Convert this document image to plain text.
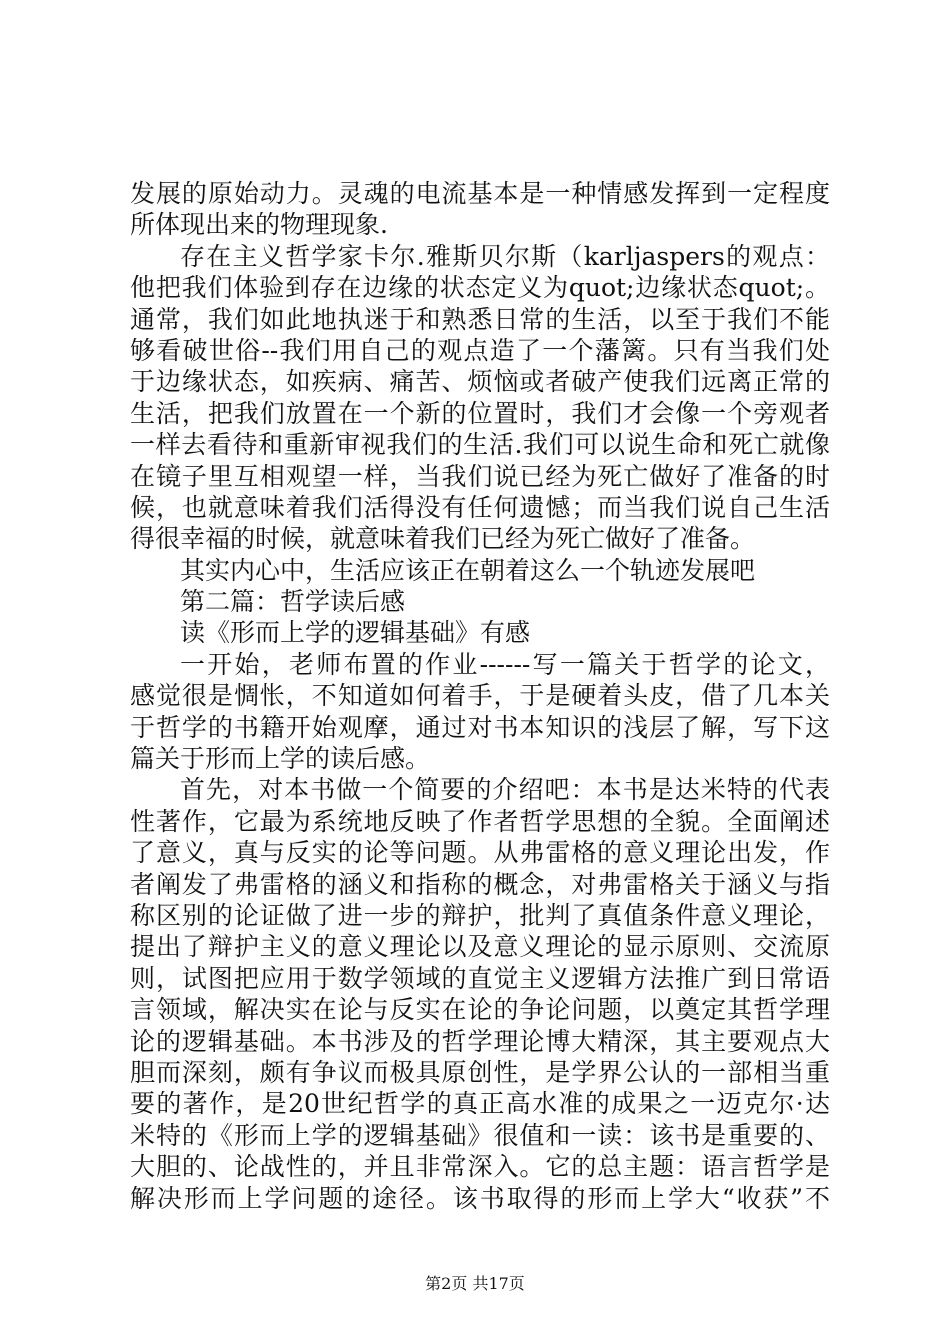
发展的原始动力。灵魂的电流基本是一种情感发挥到一定程度
所体现出来的物理现象.
存在主义哲学家卡尔.雅斯贝尔斯（karljaspers的观点：
他把我们体验到存在边缘的状态定义为quot;边缘状态quot;。
通常，我们如此地执迷于和熟悉日常的生活，以至于我们不能
够看破世俗--我们用自己的观点造了一个藩篱。只有当我们处
于边缘状态，如疾病、痛苦、烦恼或者破产使我们远离正常的
生活，把我们放置在一个新的位置时，我们才会像一个旁观者
一样去看待和重新审视我们的生活.我们可以说生命和死亡就像
在镜子里互相观望一样，当我们说已经为死亡做好了准备的时
候，也就意味着我们活得没有任何遗憾；而当我们说自己生活
得很幸福的时候，就意味着我们已经为死亡做好了准备。
其实内心中，生活应该正在朝着这么一个轨迹发展吧
第二篇：哲学读后感
读《形而上学的逻辑基础》有感
一开始，老师布置的作业------写一篇关于哲学的论文，
感觉很是惆怅，不知道如何着手，于是硬着头皮，借了几本关
于哲学的书籍开始观摩，通过对书本知识的浅层了解，写下这
篇关于形而上学的读后感。
首先，对本书做一个简要的介绍吧：本书是达米特的代表
性著作，它最为系统地反映了作者哲学思想的全貌。全面阐述
了意义，真与反实的论等问题。从弗雷格的意义理论出发，作
者阐发了弗雷格的涵义和指称的概念，对弗雷格关于涵义与指
称区别的论证做了进一步的辩护，批判了真值条件意义理论，
提出了辩护主义的意义理论以及意义理论的显示原则、交流原
则，试图把应用于数学领域的直觉主义逻辑方法推广到日常语
言领域，解决实在论与反实在论的争论问题，以奠定其哲学理
论的逻辑基础。本书涉及的哲学理论博大精深，其主要观点大
胆而深刻，颇有争议而极具原创性，是学界公认的一部相当重
要的著作，是20世纪哲学的真正高水准的成果之一迈克尔·达
米特的《形而上学的逻辑基础》很值和一读：该书是重要的、
大胆的、论战性的，并且非常深入。它的总主题：语言哲学是
解决形而上学问题的途径。该书取得的形而上学大“收获”不
第2页 共17页
